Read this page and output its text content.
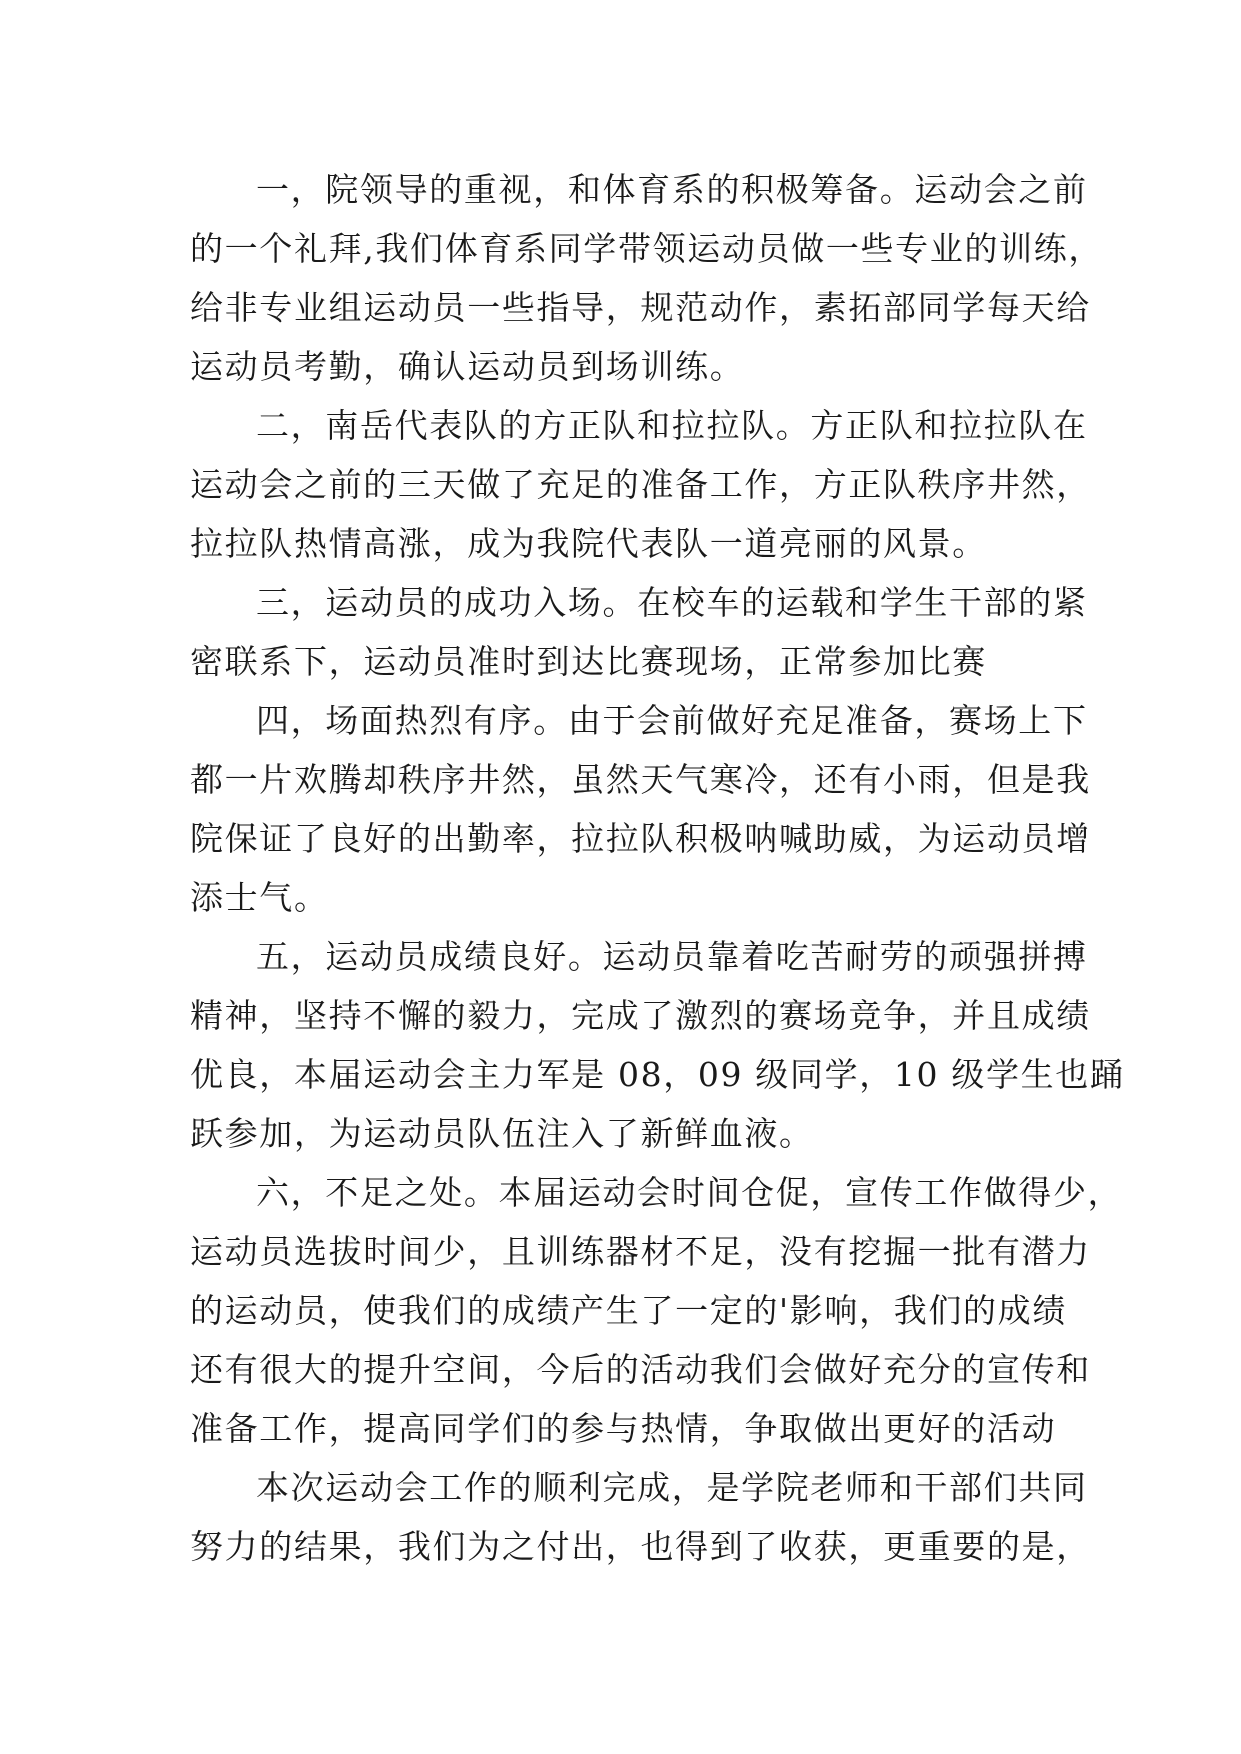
一，院领导的重视，和体育系的积极筹备。运动会之前
的一个礼拜,我们体育系同学带领运动员做一些专业的训练，
给非专业组运动员一些指导，规范动作，素拓部同学每天给
运动员考勤，确认运动员到场训练。
二，南岳代表队的方正队和拉拉队。方正队和拉拉队在
运动会之前的三天做了充足的准备工作，方正队秩序井然，
拉拉队热情高涨，成为我院代表队一道亮丽的风景。
三，运动员的成功入场。在校车的运载和学生干部的紧
密联系下，运动员准时到达比赛现场，正常参加比赛
四，场面热烈有序。由于会前做好充足准备，赛场上下
都一片欢腾却秩序井然，虽然天气寒冷，还有小雨，但是我
院保证了良好的出勤率，拉拉队积极呐喊助威，为运动员增
添士气。
五，运动员成绩良好。运动员靠着吃苦耐劳的顽强拼搏
精神，坚持不懈的毅力，完成了激烈的赛场竞争，并且成绩
优良，本届运动会主力军是 08，09 级同学，10 级学生也踊
跃参加，为运动员队伍注入了新鲜血液。
六，不足之处。本届运动会时间仓促，宣传工作做得少，
运动员选拔时间少，且训练器材不足，没有挖掘一批有潜力
的运动员，使我们的成绩产生了一定的'影响，我们的成绩
还有很大的提升空间，今后的活动我们会做好充分的宣传和
准备工作，提高同学们的参与热情，争取做出更好的活动
本次运动会工作的顺利完成，是学院老师和干部们共同
努力的结果，我们为之付出，也得到了收获，更重要的是，
